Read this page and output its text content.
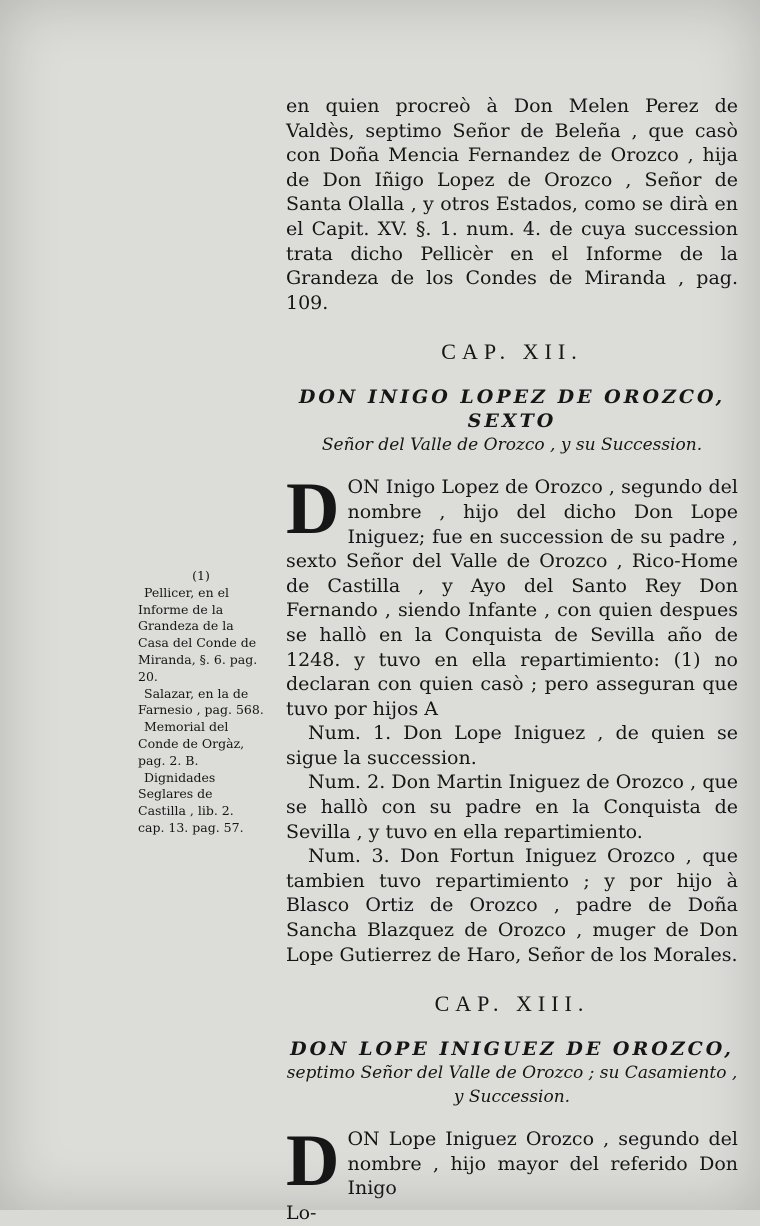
en quien procreò à Don Melen Perez de Valdès, septimo Señor de Beleña , que casò con Doña Mencia Fernandez de Orozco , hija de Don Iñigo Lopez de Orozco , Señor de Santa Olalla , y otros Estados, como se dirà en el Capit. XV. §. 1. num. 4. de cuya succession trata dicho Pellicèr en el Informe de la Grandeza de los Condes de Miranda , pag. 109.

CAP. XII.
DON INIGO LOPEZ DE OROZCO, SEXTO
Señor del Valle de Orozco , y su Succession.

DON Inigo Lopez de Orozco , segundo del nombre , hijo del dicho Don Lope Iniguez; fue en succession de su padre , sexto Señor del Valle de Orozco , Rico-Home de Castilla , y Ayo del Santo Rey Don Fernando , siendo Infante , con quien despues se hallò en la Conquista de Sevilla año de 1248. y tuvo en ella repartimiento: (1) no declaran con quien casò ; pero asseguran que tuvo por hijos A

Num. 1. Don Lope Iniguez , de quien se sigue la succession.

Num. 2. Don Martin Iniguez de Orozco , que se hallò con su padre en la Conquista de Sevilla , y tuvo en ella repartimiento.

Num. 3. Don Fortun Iniguez Orozco , que tambien tuvo repartimiento ; y por hijo à Blasco Ortiz de Orozco , padre de Doña Sancha Blazquez de Orozco , muger de Don Lope Gutierrez de Haro, Señor de los Morales.

CAP. XIII.
DON LOPE INIGUEZ DE OROZCO,
septimo Señor del Valle de Orozco ; su Casamiento , y Succession.

DON Lope Iniguez Orozco , segundo del nombre , hijo mayor del referido Don Inigo

Lo-
(1)

Pellicer, en el Informe de la Grandeza de la Casa del Conde de Miranda, §. 6. pag. 20.

Salazar, en la de Farnesio , pag. 568.

Memorial del Conde de Orgàz, pag. 2. B.

Dignidades Seglares de Castilla , lib. 2. cap. 13. pag. 57.
